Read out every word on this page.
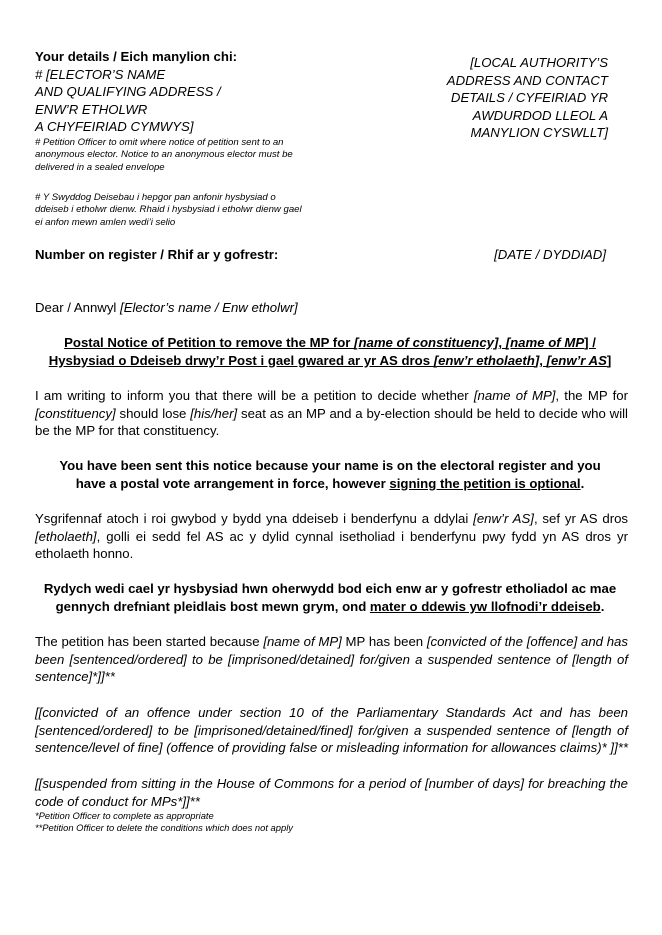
Your details / Eich manylion chi:
# [ELECTOR’S NAME
AND QUALIFYING ADDRESS /
ENW’R ETHOLWR
A CHYFEIRIAD CYMWYS]
# Petition Officer to omit where notice of petition sent to an anonymous elector. Notice to an anonymous elector must be delivered in a sealed envelope
# Y Swyddog Deisebau i hepgor pan anfonir hysbysiad o ddeiseb i etholwr dienw. Rhaid i hysbysiad i etholwr dienw gael ei anfon mewn amlen wedi’i selio
[LOCAL AUTHORITY’S
ADDRESS AND CONTACT
DETAILS / CYFEIRIAD YR
AWDURDOD LLEOL A
MANYLION CYSWLLT]
Number on register / Rhif ar y gofrestr:	[DATE / DYDDIAD]
Dear / Annwyl [Elector’s name / Enw etholwr]
Postal Notice of Petition to remove the MP for [name of constituency], [name of MP] /
Hysbysiad o Ddeiseb drwy’r Post i gael gwared ar yr AS dros [enw’r etholaeth], [enw’r AS]

I am writing to inform you that there will be a petition to decide whether [name of MP], the MP for [constituency] should lose [his/her] seat as an MP and a by-election should be held to decide who will be the MP for that constituency.

You have been sent this notice because your name is on the electoral register and you
have a postal vote arrangement in force, however signing the petition is optional.

Ysgrifennaf atoch i roi gwybod y bydd yna ddeiseb i benderfynu a ddylai [enw’r AS], sef yr AS dros [etholaeth], golli ei sedd fel AS ac y dylid cynnal isetholiad i benderfynu pwy fydd yn AS dros yr etholaeth honno.

Rydych wedi cael yr hysbysiad hwn oherwydd bod eich enw ar y gofrestr etholiadol ac mae
gennych drefniant pleidlais bost mewn grym, ond mater o ddewis yw llofnodi’r ddeiseb.

The petition has been started because [name of MP] MP has been [convicted of the [offence] and has been [sentenced/ordered] to be [imprisoned/detained] for/given a suspended sentence of [length of sentence]*]]**

[[convicted of an offence under section 10 of the Parliamentary Standards Act and has been [sentenced/ordered] to be [imprisoned/detained/fined] for/given a suspended sentence of [length of sentence/level of fine] (offence of providing false or misleading information for allowances claims)* ]]**

[[suspended from sitting in the House of Commons for a period of [number of days] for breaching the code of conduct for MPs*]]**

*Petition Officer to complete as appropriate
**Petition Officer to delete the conditions which does not apply
